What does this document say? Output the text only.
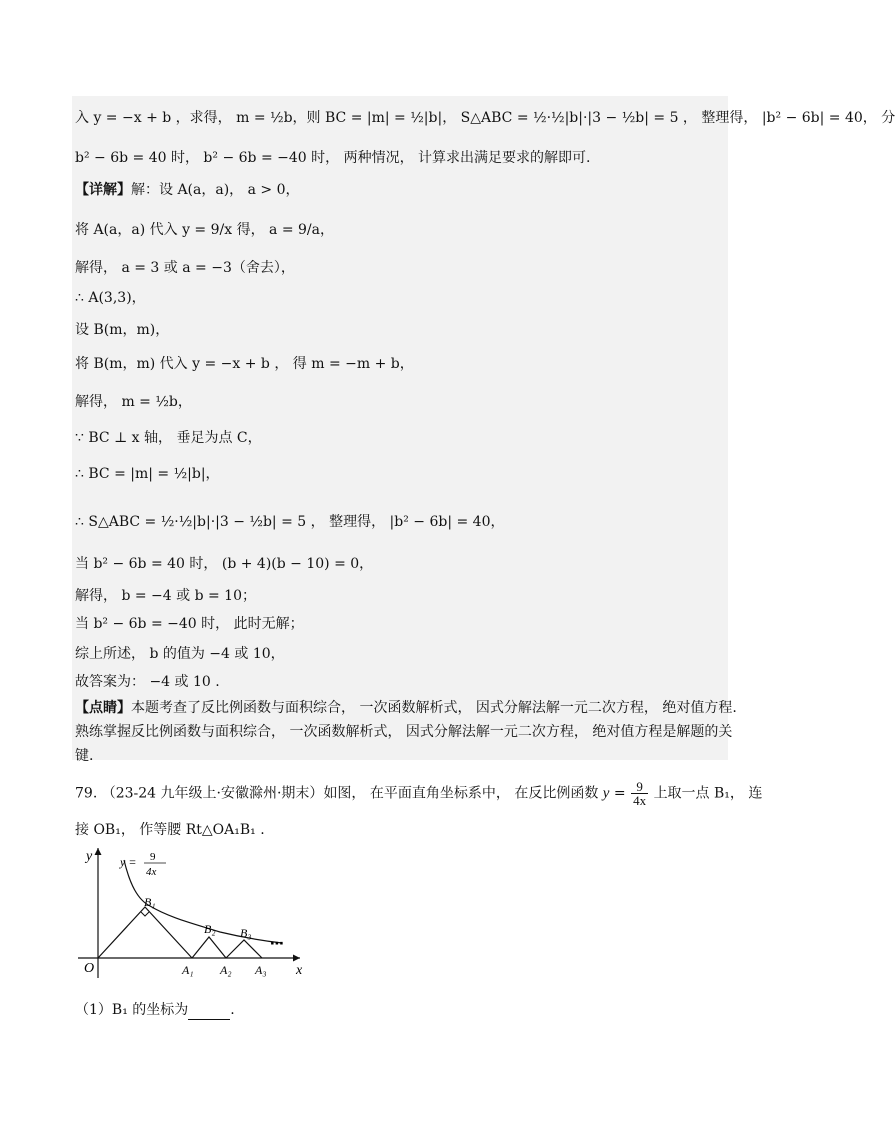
入 y = −x + b ，求得， m = ½b，则 BC = |m| = ½|b|， S△ABC = ½·½|b|·|3 − ½b| = 5 ， 整理得， |b² − 6b| = 40， 分
b² − 6b = 40 时， b² − 6b = −40 时， 两种情况， 计算求出满足要求的解即可.
【详解】解：设 A(a，a)， a > 0，
将 A(a，a) 代入 y = 9/x 得， a = 9/a，
解得， a = 3 或 a = −3（舍去），
∴ A(3,3)，
设 B(m，m)，
将 B(m，m) 代入 y = −x + b ， 得 m = −m + b，
解得， m = ½b，
∵ BC ⊥ x 轴， 垂足为点 C，
∴ BC = |m| = ½|b|，
∴ S△ABC = ½·½|b|·|3 − ½b| = 5 ， 整理得， |b² − 6b| = 40，
当 b² − 6b = 40 时， (b + 4)(b − 10) = 0，
解得， b = −4 或 b = 10；
当 b² − 6b = −40 时， 此时无解；
综上所述， b 的值为 −4 或 10，
故答案为： −4 或 10 .
【点睛】本题考查了反比例函数与面积综合， 一次函数解析式， 因式分解法解一元二次方程， 绝对值方程.
熟练掌握反比例函数与面积综合， 一次函数解析式， 因式分解法解一元二次方程， 绝对值方程是解题的关
键.
79. （23-24 九年级上·安徽滁州·期末）如图， 在平面直角坐标系中， 在反比例函数 $y = \frac{9}{4x}$ 上取一点 B₁， 连
接 OB₁， 作等腰 Rt△OA₁B₁ .
y
x
O
y = 9
4x
B₁
B₂ B₃
A₁ A₂ A₃
⋯
（1）B₁ 的坐标为	.
